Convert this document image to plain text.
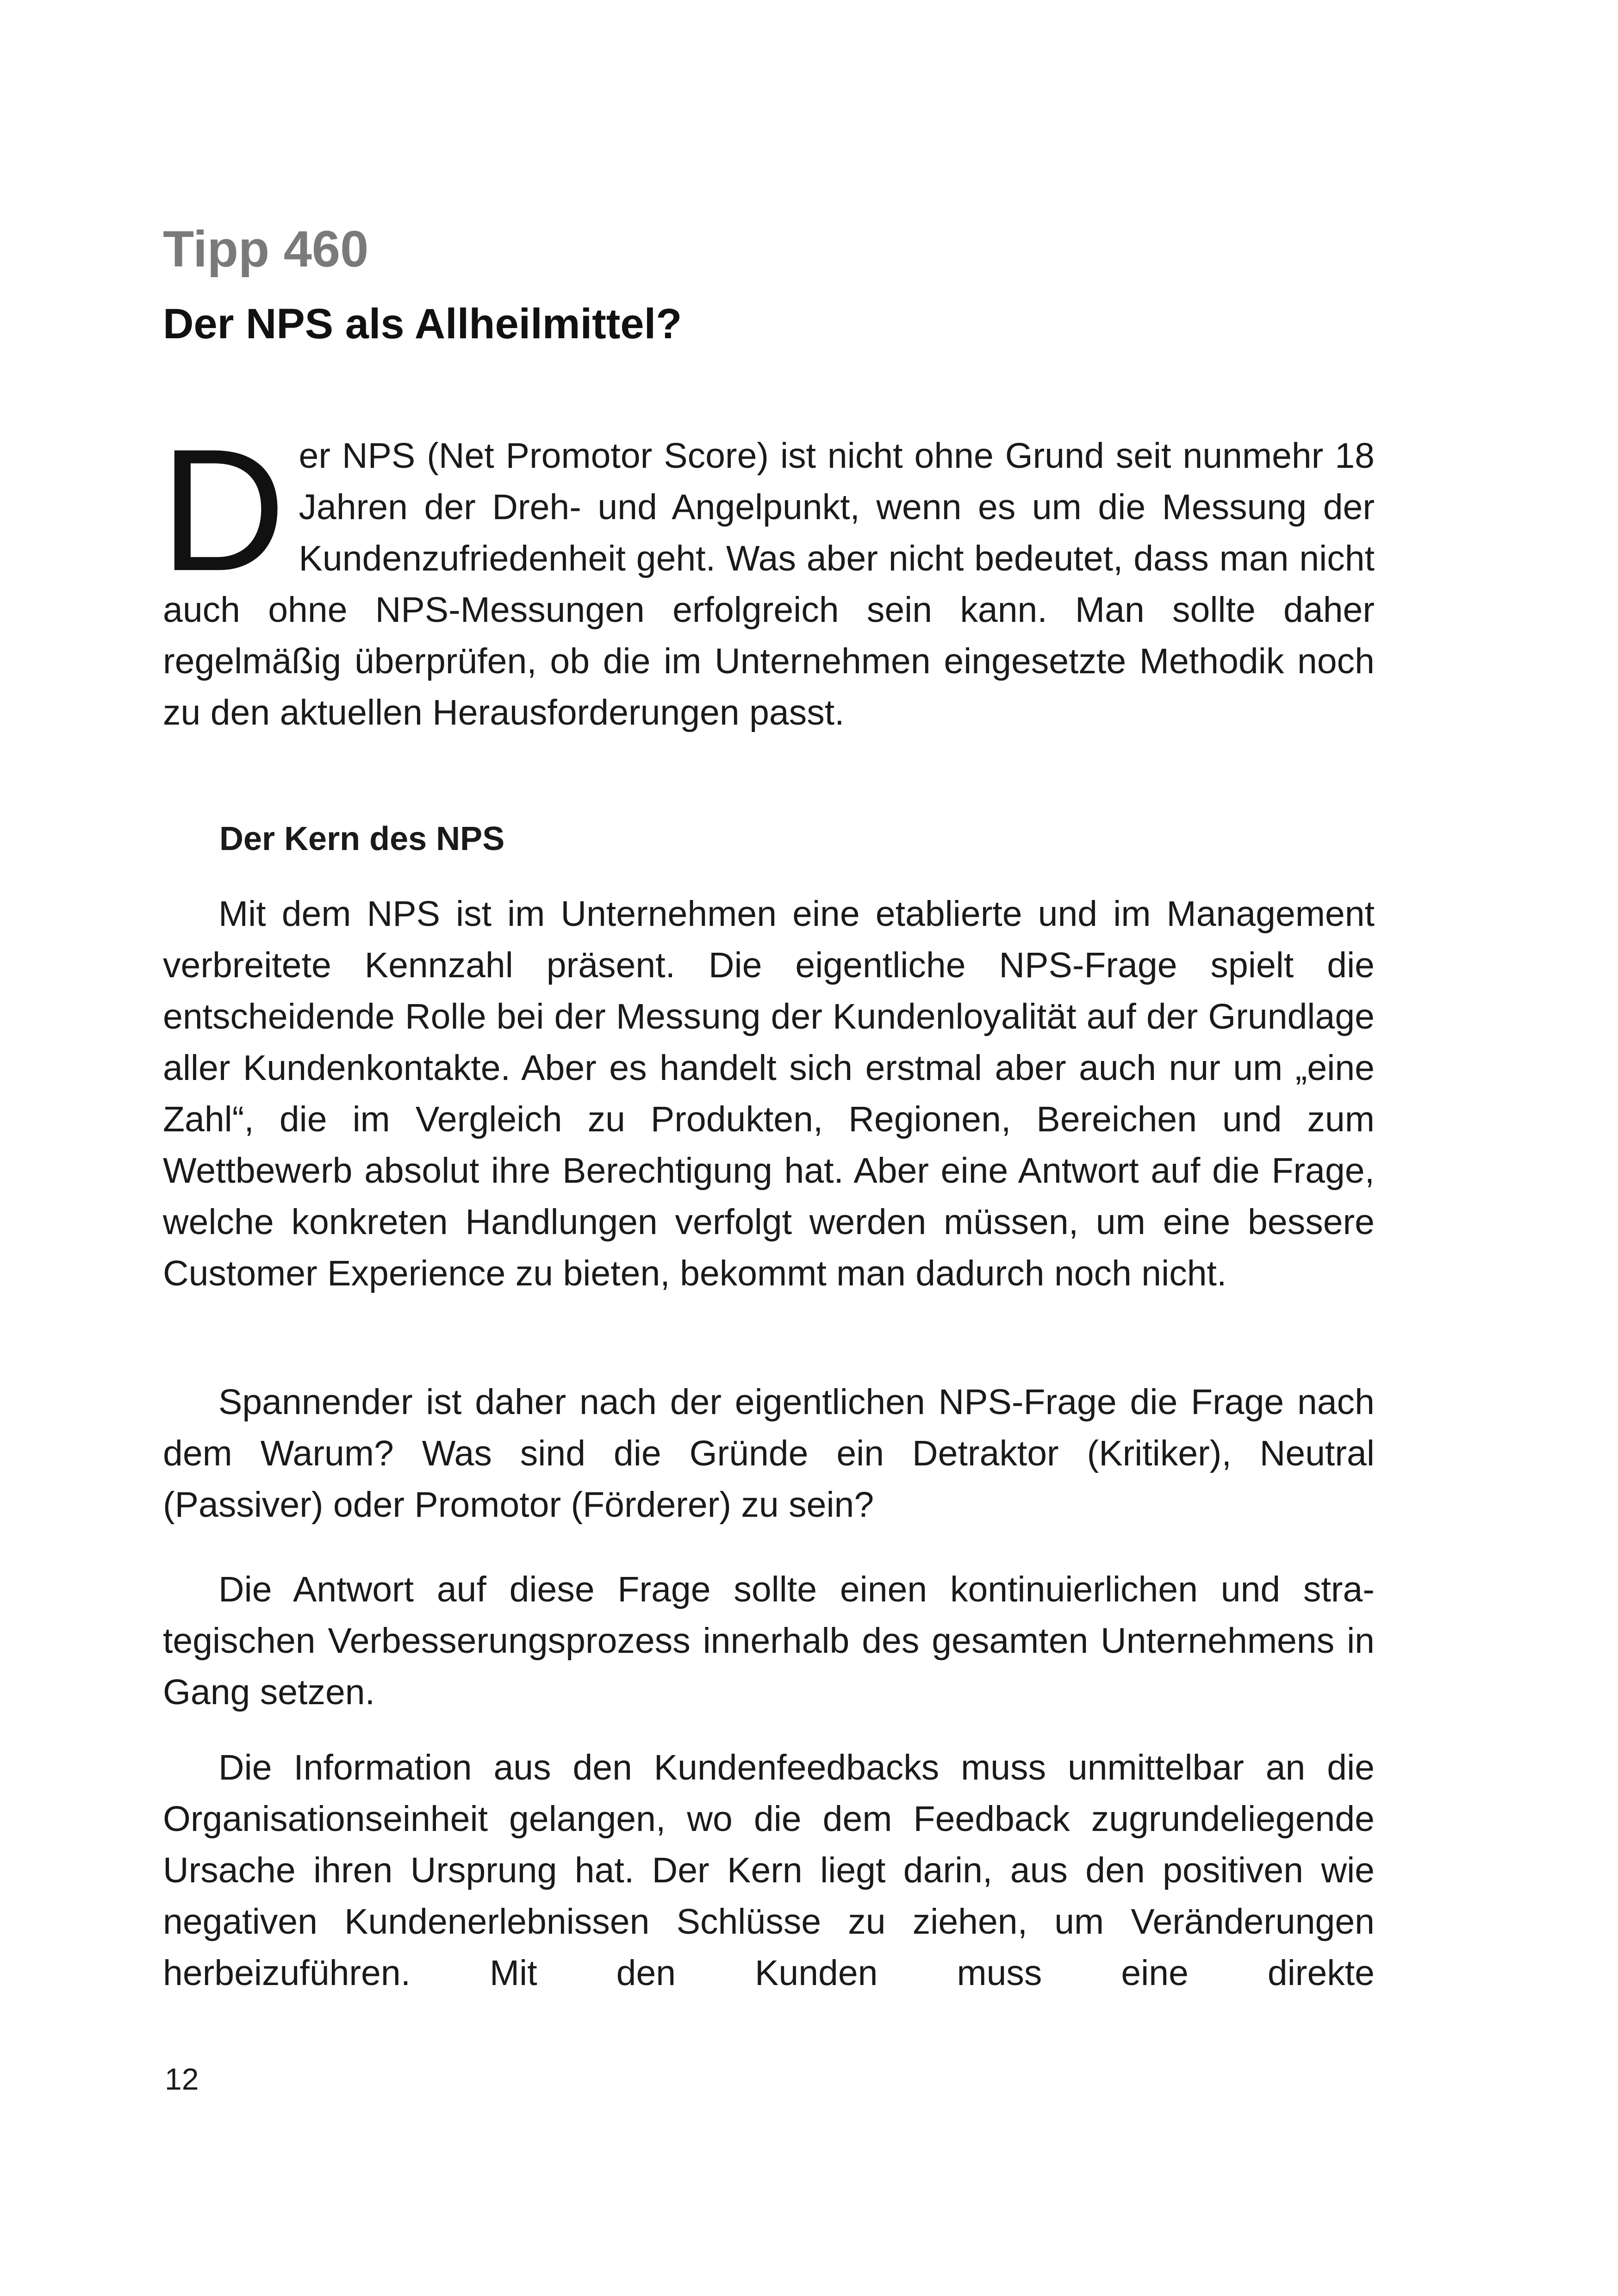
Tipp 460
Der NPS als Allheilmittel?

Der NPS (Net Promotor Score) ist nicht ohne Grund seit nunmehr 18 Jahren der Dreh- und Angelpunkt, wenn es um die Messung der Kundenzufriedenheit geht. Was aber nicht bedeutet, dass man nicht auch ohne NPS-Messungen erfolgreich sein kann. Man sollte daher regelmäßig überprüfen, ob die im Unternehmen eingesetzte Methodik noch zu den aktuellen Herausforderungen passt.

Der Kern des NPS

Mit dem NPS ist im Unternehmen eine etablierte und im Management verbreitete Kennzahl präsent. Die eigentliche NPS-Frage spielt die entscheidende Rolle bei der Messung der Kundenloyalität auf der Grundlage aller Kundenkontakte. Aber es handelt sich erstmal aber auch nur um „eine Zahl“, die im Vergleich zu Produkten, Regionen, Bereichen und zum Wettbewerb absolut ihre Berechtigung hat. Aber eine Antwort auf die Frage, welche konkreten Handlungen verfolgt werden müssen, um eine bessere Customer Experience zu bieten, bekommt man dadurch noch nicht.

Spannender ist daher nach der eigentlichen NPS-Frage die Frage nach dem Warum? Was sind die Gründe ein Detraktor (Kritiker), Neutral (Passiver) oder Promotor (Förderer) zu sein?

Die Antwort auf diese Frage sollte einen kontinuierlichen und strategischen Verbesserungsprozess innerhalb des gesamten Unternehmens in Gang setzen.

Die Information aus den Kundenfeedbacks muss unmittelbar an die Organisationseinheit gelangen, wo die dem Feedback zugrundeliegende Ursache ihren Ursprung hat. Der Kern liegt darin, aus den positiven wie negativen Kundenerlebnissen Schlüsse zu ziehen, um Veränderungen herbeizuführen. Mit den Kunden muss eine direkte

12
